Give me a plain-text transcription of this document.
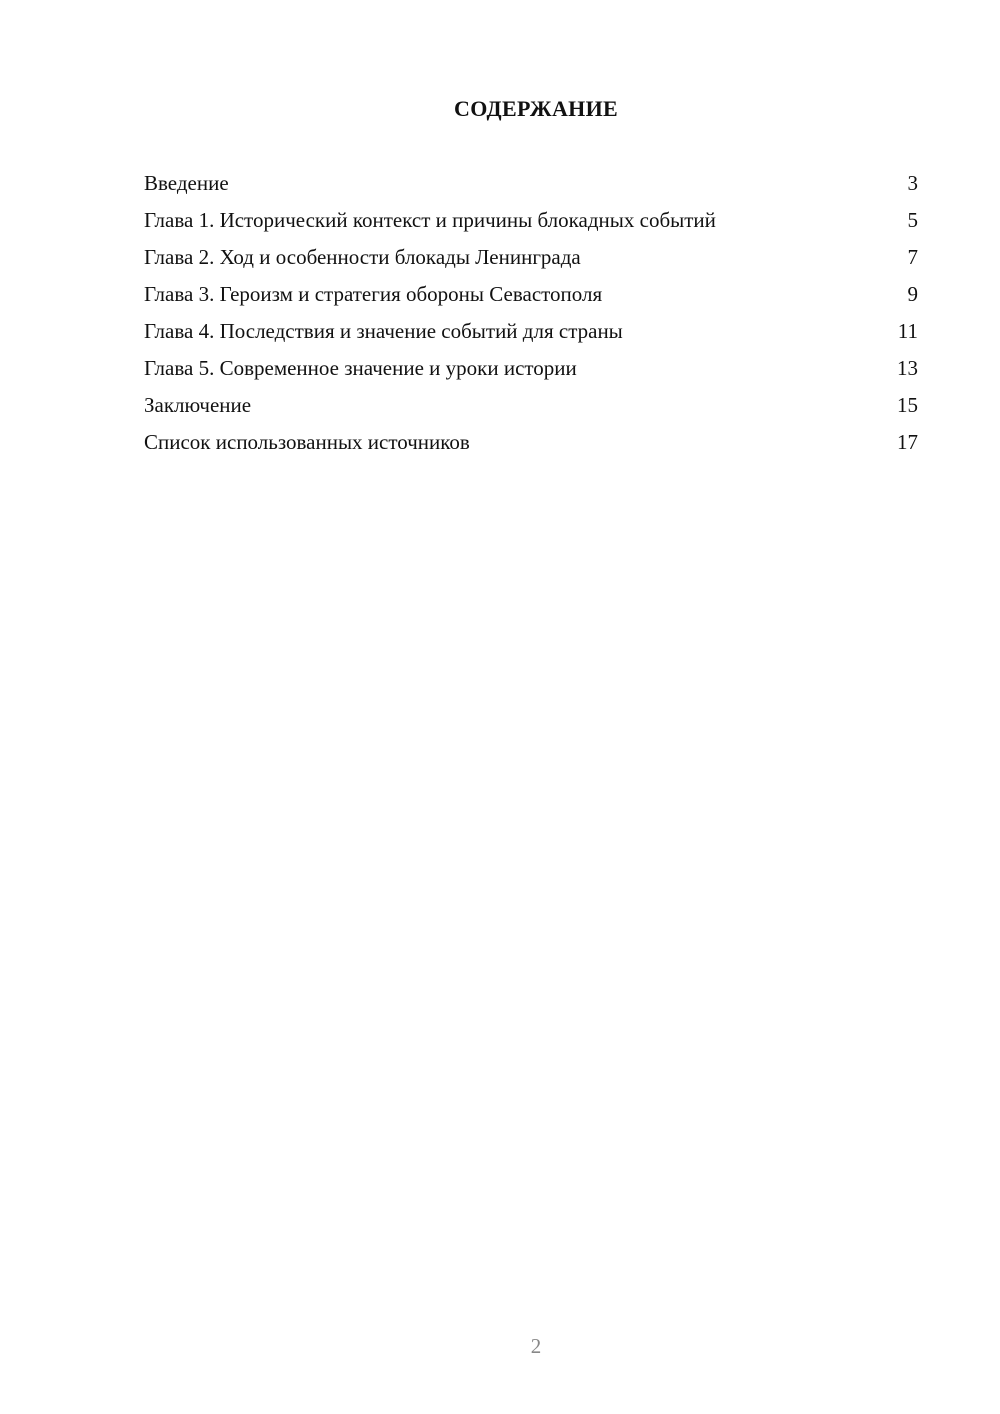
СОДЕРЖАНИЕ
Введение	3
Глава 1. Исторический контекст и причины блокадных событий	5
Глава 2. Ход и особенности блокады Ленинграда	7
Глава 3. Героизм и стратегия обороны Севастополя	9
Глава 4. Последствия и значение событий для страны	11
Глава 5. Современное значение и уроки истории	13
Заключение	15
Список использованных источников	17
2
